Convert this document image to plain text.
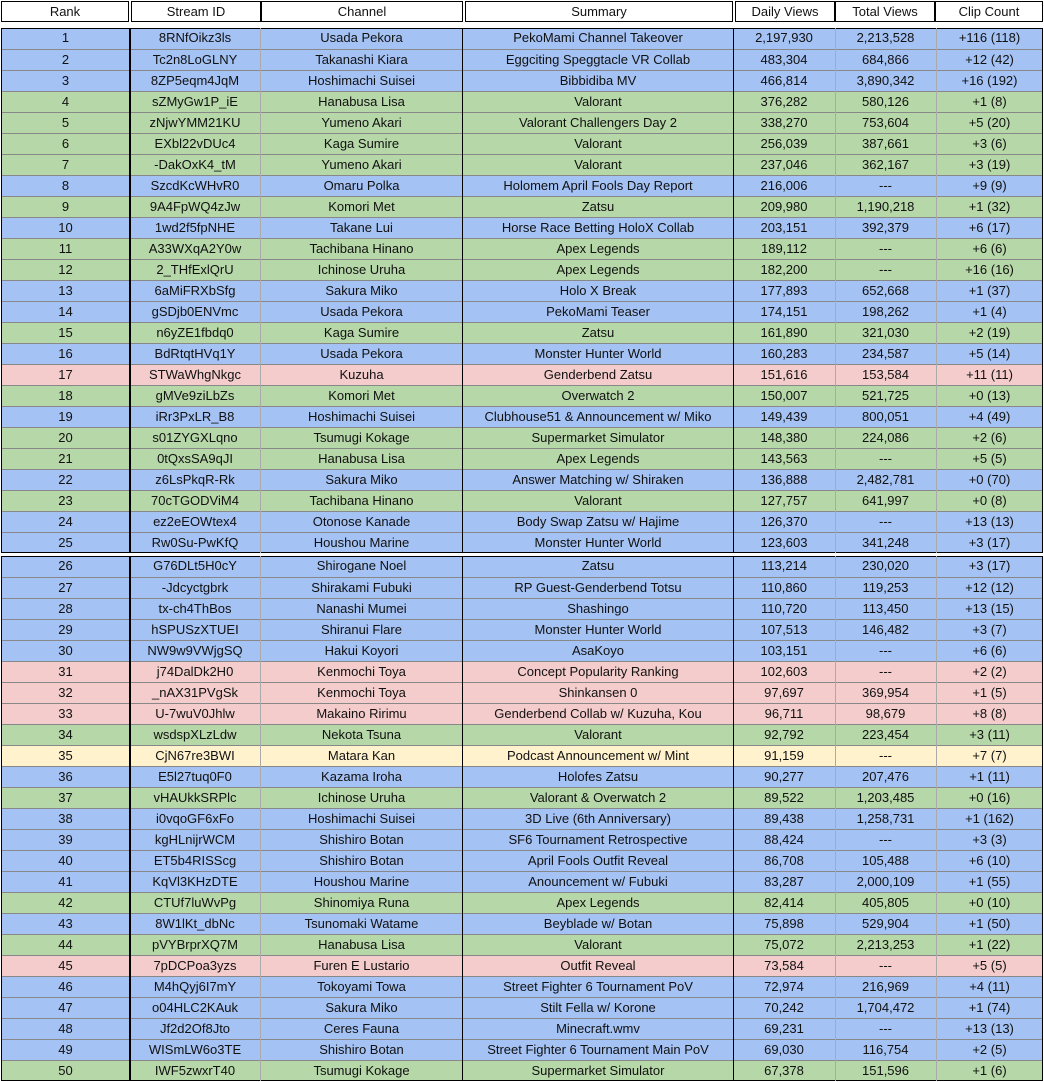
Rank	Stream ID	Channel	Summary	Daily Views	Total Views	Clip Count
1	8RNfOikz3ls	Usada Pekora	PekoMami Channel Takeover	2,197,930	2,213,528	+116 (118)
2	Tc2n8LoGLNY	Takanashi Kiara	Eggciting Speggtacle VR Collab	483,304	684,866	+12 (42)
3	8ZP5eqm4JqM	Hoshimachi Suisei	Bibbidiba MV	466,814	3,890,342	+16 (192)
4	sZMyGw1P_iE	Hanabusa Lisa	Valorant	376,282	580,126	+1 (8)
5	zNjwYMM21KU	Yumeno Akari	Valorant Challengers Day 2	338,270	753,604	+5 (20)
6	EXbl22vDUc4	Kaga Sumire	Valorant	256,039	387,661	+3 (6)
7	-DakOxK4_tM	Yumeno Akari	Valorant	237,046	362,167	+3 (19)
8	SzcdKcWHvR0	Omaru Polka	Holomem April Fools Day Report	216,006	---	+9 (9)
9	9A4FpWQ4zJw	Komori Met	Zatsu	209,980	1,190,218	+1 (32)
10	1wd2f5fpNHE	Takane Lui	Horse Race Betting HoloX Collab	203,151	392,379	+6 (17)
11	A33WXqA2Y0w	Tachibana Hinano	Apex Legends	189,112	---	+6 (6)
12	2_THfExlQrU	Ichinose Uruha	Apex Legends	182,200	---	+16 (16)
13	6aMiFRXbSfg	Sakura Miko	Holo X Break	177,893	652,668	+1 (37)
14	gSDjb0ENVmc	Usada Pekora	PekoMami Teaser	174,151	198,262	+1 (4)
15	n6yZE1fbdq0	Kaga Sumire	Zatsu	161,890	321,030	+2 (19)
16	BdRtqtHVq1Y	Usada Pekora	Monster Hunter World	160,283	234,587	+5 (14)
17	STWaWhgNkgc	Kuzuha	Genderbend Zatsu	151,616	153,584	+11 (11)
18	gMVe9ziLbZs	Komori Met	Overwatch 2	150,007	521,725	+0 (13)
19	iRr3PxLR_B8	Hoshimachi Suisei	Clubhouse51 & Announcement w/ Miko	149,439	800,051	+4 (49)
20	s01ZYGXLqno	Tsumugi Kokage	Supermarket Simulator	148,380	224,086	+2 (6)
21	0tQxsSA9qJI	Hanabusa Lisa	Apex Legends	143,563	---	+5 (5)
22	z6LsPkqR-Rk	Sakura Miko	Answer Matching w/ Shiraken	136,888	2,482,781	+0 (70)
23	70cTGODViM4	Tachibana Hinano	Valorant	127,757	641,997	+0 (8)
24	ez2eEOWtex4	Otonose Kanade	Body Swap Zatsu w/ Hajime	126,370	---	+13 (13)
25	Rw0Su-PwKfQ	Houshou Marine	Monster Hunter World	123,603	341,248	+3 (17)
26	G76DLt5H0cY	Shirogane Noel	Zatsu	113,214	230,020	+3 (17)
27	-Jdcyctgbrk	Shirakami Fubuki	RP Guest-Genderbend Totsu	110,860	119,253	+12 (12)
28	tx-ch4ThBos	Nanashi Mumei	Shashingo	110,720	113,450	+13 (15)
29	hSPUSzXTUEI	Shiranui Flare	Monster Hunter World	107,513	146,482	+3 (7)
30	NW9w9VWjgSQ	Hakui Koyori	AsaKoyo	103,151	---	+6 (6)
31	j74DalDk2H0	Kenmochi Toya	Concept Popularity Ranking	102,603	---	+2 (2)
32	_nAX31PVgSk	Kenmochi Toya	Shinkansen 0	97,697	369,954	+1 (5)
33	U-7wuV0Jhlw	Makaino Ririmu	Genderbend Collab w/ Kuzuha, Kou	96,711	98,679	+8 (8)
34	wsdspXLzLdw	Nekota Tsuna	Valorant	92,792	223,454	+3 (11)
35	CjN67re3BWI	Matara Kan	Podcast Announcement w/ Mint	91,159	---	+7 (7)
36	E5l27tuq0F0	Kazama Iroha	Holofes Zatsu	90,277	207,476	+1 (11)
37	vHAUkkSRPlc	Ichinose Uruha	Valorant & Overwatch 2	89,522	1,203,485	+0 (16)
38	i0vqoGF6xFo	Hoshimachi Suisei	3D Live (6th Anniversary)	89,438	1,258,731	+1 (162)
39	kgHLnijrWCM	Shishiro Botan	SF6 Tournament Retrospective	88,424	---	+3 (3)
40	ET5b4RISScg	Shishiro Botan	April Fools Outfit Reveal	86,708	105,488	+6 (10)
41	KqVl3KHzDTE	Houshou Marine	Anouncement w/ Fubuki	83,287	2,000,109	+1 (55)
42	CTUf7luWvPg	Shinomiya Runa	Apex Legends	82,414	405,805	+0 (10)
43	8W1lKt_dbNc	Tsunomaki Watame	Beyblade w/ Botan	75,898	529,904	+1 (50)
44	pVYBrprXQ7M	Hanabusa Lisa	Valorant	75,072	2,213,253	+1 (22)
45	7pDCPoa3yzs	Furen E Lustario	Outfit Reveal	73,584	---	+5 (5)
46	M4hQyj6I7mY	Tokoyami Towa	Street Fighter 6 Tournament PoV	72,974	216,969	+4 (11)
47	o04HLC2KAuk	Sakura Miko	Stilt Fella w/ Korone	70,242	1,704,472	+1 (74)
48	Jf2d2Of8Jto	Ceres Fauna	Minecraft.wmv	69,231	---	+13 (13)
49	WISmLW6o3TE	Shishiro Botan	Street Fighter 6 Tournament Main PoV	69,030	116,754	+2 (5)
50	IWF5zwxrT40	Tsumugi Kokage	Supermarket Simulator	67,378	151,596	+1 (6)
